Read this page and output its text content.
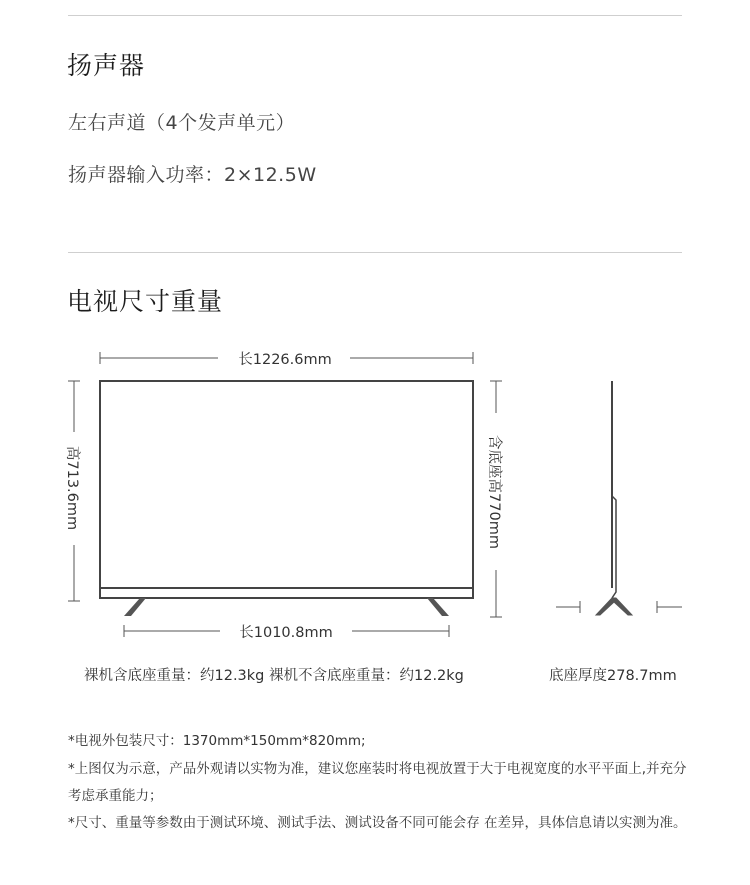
扬声器
左右声道（4个发声单元）
扬声器输入功率：2×12.5W
电视尺寸重量
长1226.6mm
长1010.8mm
高713.6mm	含底座高770mm
裸机含底座重量：约12.3kg 裸机不含底座重量：约12.2kg	底座厚度278.7mm
*电视外包装尺寸：1370mm*150mm*820mm;
*上图仅为示意，产品外观请以实物为准，建议您座装时将电视放置于大于电视宽度的水平平面上,并充分考虑承重能力；
*尺寸、重量等参数由于测试环境、测试手法、测试设备不同可能会存 在差异，具体信息请以实测为准。
